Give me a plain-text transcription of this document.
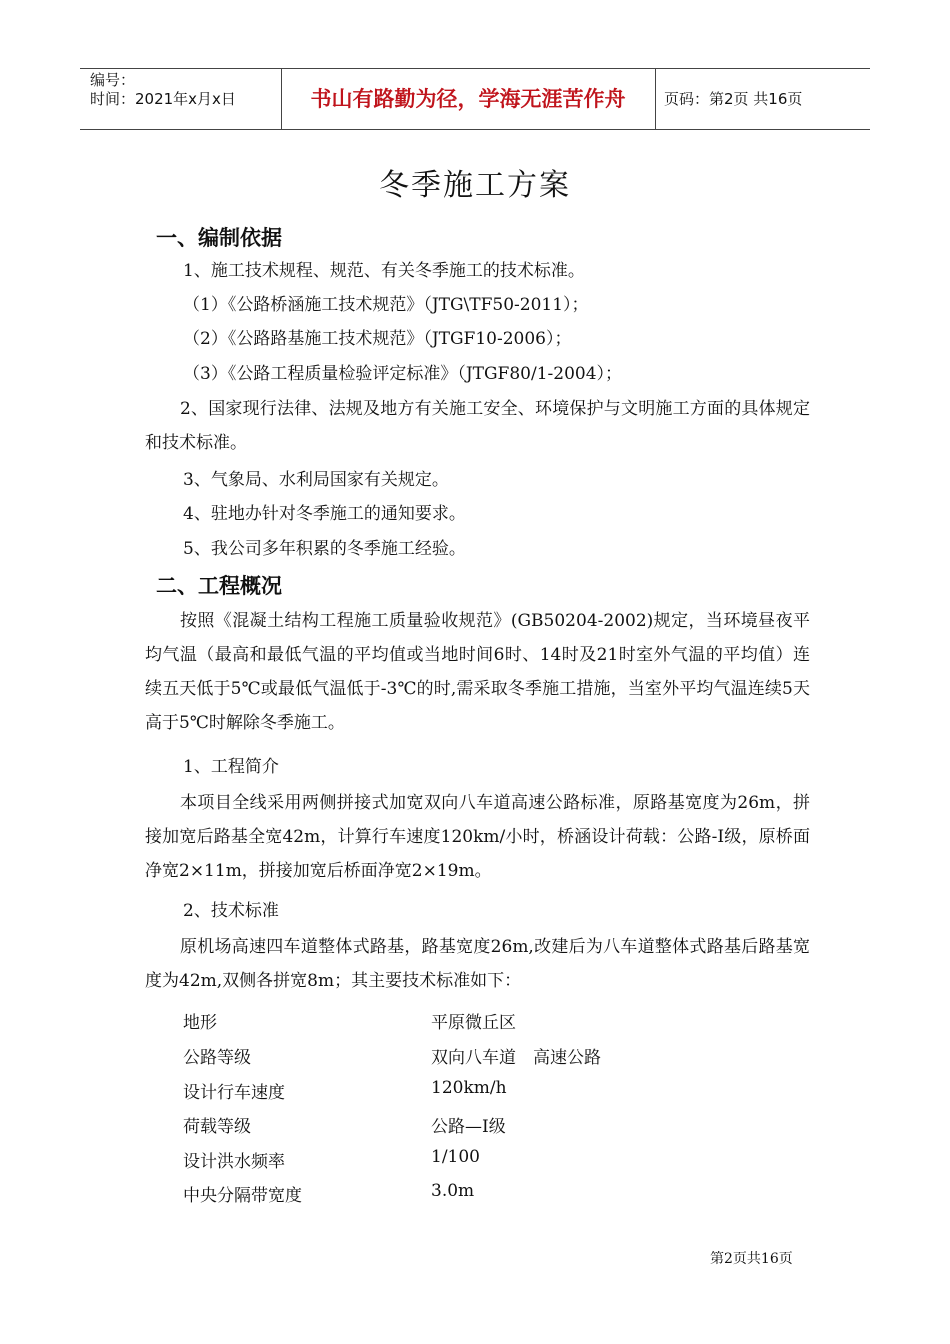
编号：
时间：2021年x月x日	书山有路勤为径，学海无涯苦作舟	页码：第2页 共16页
冬季施工方案
一、编制依据
1、施工技术规程、规范、有关冬季施工的技术标准。
（1）《公路桥涵施工技术规范》（JTG\TF50-2011）；
（2）《公路路基施工技术规范》（JTGF10-2006）；
（3）《公路工程质量检验评定标准》（JTGF80/1-2004）；
2、国家现行法律、法规及地方有关施工安全、环境保护与文明施工方面的具体规定和技术标准。
3、气象局、水利局国家有关规定。
4、驻地办针对冬季施工的通知要求。
5、我公司多年积累的冬季施工经验。
二、工程概况
按照《混凝土结构工程施工质量验收规范》(GB50204-2002)规定，当环境昼夜平均气温（最高和最低气温的平均值或当地时间6时、14时及21时室外气温的平均值）连续五天低于5℃或最低气温低于-3℃的时,需采取冬季施工措施，当室外平均气温连续5天高于5℃时解除冬季施工。
1、工程简介
本项目全线采用两侧拼接式加宽双向八车道高速公路标准，原路基宽度为26m，拼接加宽后路基全宽42m，计算行车速度120km/小时，桥涵设计荷载：公路-I级，原桥面净宽2×11m，拼接加宽后桥面净宽2×19m。
2、技术标准
原机场高速四车道整体式路基，路基宽度26m,改建后为八车道整体式路基后路基宽度为42m,双侧各拼宽8m；其主要技术标准如下：
地形	平原微丘区
公路等级	双向八车道　高速公路
设计行车速度	120km/h
荷载等级	公路—Ⅰ级
设计洪水频率	1/100
中央分隔带宽度	3.0m
第2页共16页
